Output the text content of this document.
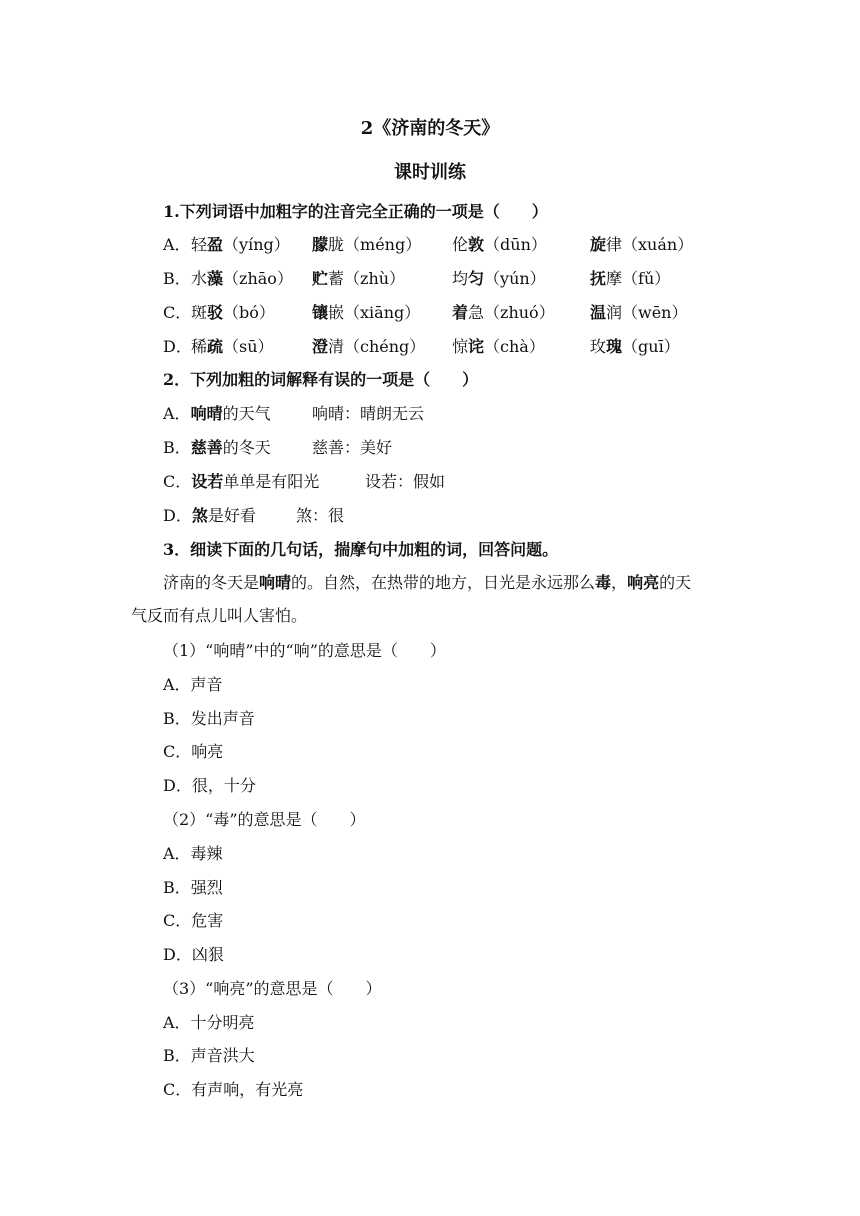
2《济南的冬天》
课时训练
1.下列词语中加粗字的注音完全正确的一项是（　　）
A． 轻盈（yíng） 朦胧（méng） 伦敦（dūn）	旋律（xuán）
B． 水藻（zhāo） 贮蓄（zhù）	均匀（yún）	抚摩（fǔ）
C． 斑驳（bó） 镶嵌（xiāng） 着急（zhuó） 温润（wēn）
D． 稀疏（sū） 澄清（chéng） 惊诧（chà）	玫瑰（guī）
2．下列加粗的词解释有误的一项是（　　）
A．响晴的天气	响晴：晴朗无云
B．慈善的冬天	慈善：美好
C．设若单单是有阳光	设若：假如
D．煞是好看	煞：很
3．细读下面的几句话，揣摩句中加粗的词，回答问题。
济南的冬天是响晴的。自然，在热带的地方，日光是永远那么毒，响亮的天
气反而有点儿叫人害怕。
（1）“响晴”中的“响”的意思是（　　）
A．声音
B．发出声音
C．响亮
D．很，十分
（2）“毒”的意思是（　　）
A．毒辣
B．强烈
C．危害
D．凶狠
（3）“响亮”的意思是（　　）
A．十分明亮
B．声音洪大
C．有声响，有光亮
